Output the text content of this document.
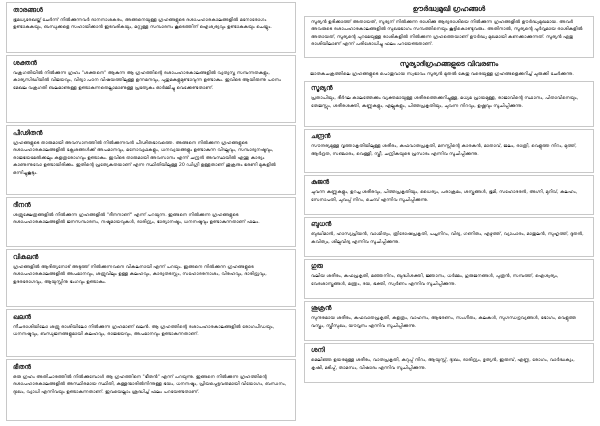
താരങ്ങൾ
ഭൂമധ്യരേഖയ്ക്ക് ചേർന്ന് നിൽക്കുന്നവർ ദാനനാശകരം, അങ്ങനെയുള്ള ഗ്രഹങ്ങളുടെ ദശാപഹാരകാലങ്ങളിൽ മനോരോഗം ഉണ്ടാകുകയും, ബന്ധുക്കളെ സഹായിക്കാൻ ഇടവരികയും, മറ്റുള്ള സമ്പാദനം കൂടെത്തിന് ഐശ്വര്യവും ഉണ്ടാകുകയും ചെയ്യും.
ശക്തൻ
വക്രഗതിയിൽ നിൽക്കുന്ന ഗ്രഹം "ശക്തനെ" ആകുന്ന ആ ഗ്രഹത്തിന്റെ ദശാപഹാരകാലങ്ങളിൽ വ്യത്യസ്ത സമ്പന്നതകളും, കാര്യസിദ്ധിയിൽ വിജയവും, വിദ്യാ പഠന വിഷയത്തിലുള്ള ഉന്നമനവും, പുതുമകളുമുണ്ടാവുന്ന ഉണ്ടാകും. ഇവിടെ ആയിരുന്നു പഠനം മേഖല വക്രഗതി ബലമാണുള്ള ഉണ്ടാകുന്നതെല്ലാമാണുള്ള പ്രത്യേകം ഓർമ്മിച്ചു വെക്കേണ്ടതാണ്.
പീഢിതൻ
ഗ്രഹങ്ങളുടെ താരുമായി അവസാനത്തിൽ നിൽക്കുന്നവൻ പീഢിതഭാവത്തെ. അങ്ങനെ നിൽക്കുന്ന ഗ്രഹങ്ങളുടെ ദശാപഹാരകാലങ്ങളിൽ ക്ലേശങ്ങൾക്ക് അപമാനവും, മനോവ്യഥകളും, ധനവ്യയങ്ങളും ഉണ്ടാകുന്ന വിഘ്നവും, സമ്പാദ്യനഷ്ടവും, രാജഭയമേൽക്കലും കളത്രരോഗവും ഉണ്ടാകും. ഇവിടെ താരുമായി അവസാനം എന്ന് ചന്ദ്രൻ അവസ്ഥയിൽ എന്തു കാര്യം കാണുന്നുവോ ഉണ്ടായിരിക്കും. ഇതിന്റെ പ്രത്യേകതയാണ് എന്ന സ്ഥിതിയിലുള്ള 20 ഡിഗ്രി ഉള്ളതാണ് ശുക്രനും ഭരണി മുകളിൽ ഒന്നിച്ചുകൂടും.
ദീനൻ
ശത്രുക്ഷേത്രങ്ങളിൽ നിൽക്കുന്ന ഗ്രഹങ്ങളിൽ "ദീനനാണ്" എന്ന് പറയുന്ന. ഇങ്ങനെ നിൽക്കുന്ന ഗ്രഹങ്ങളുടെ ദശാപഹാരകാലങ്ങളിൽ ജനസമ്പാദനം, നഷ്ടമായവുകൾ, ദാരിദ്ര്യം, ഭാര്യാനഷ്ടം, ധനനഷ്ടവും ഉണ്ടാകുന്നതാണ് ഫലം.
വികലൻ
ഗ്രഹങ്ങളിൽ ആദിത്യനോട് അടുത്ത് നിൽക്കുന്നവനെ വികലനായി എന്ന് പറയും. ഇങ്ങനെ നിൽക്കുന്ന ഗ്രഹങ്ങളുടെ ദശാപഹാരകാലങ്ങളിൽ അപമാനവും, ശത്രുവിലും ഉള്ള കലഹവും, കാര്യതടസ്സം, സഹോദരനാശം, വിരഹവും, ദാരിദ്ര്യവും, ഉദരരോഗവും, ആയുസ്സിനു ഭംഗവും ഉണ്ടാകും.
ഖലൻ
നീചരാശിയിലോ ശത്രു രാശിയിലോ നിൽക്കുന്ന ഗ്രഹമാണ് ഖലൻ. ആ ഗ്രഹത്തിന്റെ ദശാപഹാരകാലങ്ങളിൽ രോഗപീഡയും, ധനനഷ്ടവും, ബന്ധുജനങ്ങളുമായി കലഹവും, രാജഭയവും, അപമാനവും ഉണ്ടാകുന്നതാണ്.
ഭീതൻ
ഒരു ഗ്രഹം അതിചാരത്തിൽ നിൽക്കുമ്പോൾ ആ ഗ്രഹത്തിനെ "ഭീതൻ" എന്ന് പറയുന്നു. ഇങ്ങനെ നിൽക്കുന്ന ഗ്രഹത്തിന്റെ ദശാപഹാരകാലങ്ങളിൽ അസ്ഥിരമായ സ്ഥിതി, കള്ളന്മാരിൽനിന്നുള്ള ഭയം, ധനനഷ്ടം, പ്രിയപ്പെട്ടവരുമായി വിയോഗം, ബന്ധനം, ദുഃഖം, വ്യാധി എന്നിവയും ഉണ്ടാകുന്നതാണ്. ഇവയെല്ലാം ശ്രദ്ധിച്ച് ഫലം പറയേണ്ടതാണ്.
ഊർദ്ധ്വമുഖി ഗ്രഹങ്ങൾ
സൂര്യൻ ഉദിക്കാത്ത് അതായത്, സൂര്യന് നിൽക്കുന്ന രാശിക്കു ആദ്യരാശിയെ നിൽക്കുന്ന ഗ്രഹങ്ങളിൽ ഊർദ്ധ്വമുഖമായ. അവർ അവരുടെ ദശാപഹാരകാലങ്ങളിൽ സുഖഭോഗം സമ്പത്തിനെയും കൂട്ടികൊണ്ടുവരും. അതിനാൽ, സൂര്യന്റെ പൂർവ്വമായ രാശികളിൽ അതായത്, സൂര്യന്റെ പുറമേയുള്ള രാശികളിൽ നിൽക്കുന്ന ഗ്രഹത്തെയാണ് ഊർദ്ധ്വ മുഖമായി കണക്കാക്കുന്നത്. സൂര്യൻ ഏതു രാശിയിലാണ് എന്ന് പരിശോധിച്ചു ഫലം പറയേണ്ടതാണ്.
സൂര്യാദിഗ്രഹങ്ങളുടെ വിവരണം
ജാതകചക്രത്തിലെ ഗ്രഹങ്ങളുടെ പൊതുവായ സ്വഭാവം സൂര്യൻ മുതൽ കേതു വരെയുള്ള ഗ്രഹങ്ങളെക്കുറിച്ച് ചുരുക്കി ചേർക്കുന്നു.
സൂര്യൻ
പ്രതാപിയും, ദീർഘ കാലത്തേക്കും വ്യക്തമായുള്ള ശരീരത്തെക്കുറിച്ചുള്ള, മധ്യമ പ്രായമുള്ള, രാജാവിന്റെ സ്ഥാനം, പിതാവിനെയും, തേജസ്സും, ശരീരശക്തി, കണ്ണുകളും, എല്ലുകളും, പിത്തപ്രകൃതിയും, ചുവന്ന നിറവും, ഉഷ്ണവും സൂചിപ്പിക്കുന്നു.
ചന്ദ്രൻ
സൗന്ദര്യമുള്ള വൃത്താകൃതിയിലുള്ള ശരീരം, കഫവാതപ്രകൃതി, മനസ്സിന്റെ കാരകൻ, മാതാവ്, ജലം, രാത്രി, വെളുത്ത നിറം, മുത്ത്, ആർദ്രത, സഞ്ചാരം, വെള്ളി, സ്ത്രീ, ചന്ദ്രികയുടെ പ്രസാദം എന്നിവ സൂചിപ്പിക്കുന്നു.
കുജൻ
ചുവന്ന കണ്ണുകളും, ഉറച്ച ശരീരവും, പിത്തപ്രകൃതിയും, ധൈര്യം, പരാക്രമം, ശസ്ത്രങ്ങൾ, ഭൂമി, സഹോദരൻ, അഗ്നി, മുറിവ്, കലഹം, സേനാപതി, ചുവപ്പ് നിറം, ചെമ്പ് എന്നിവ സൂചിപ്പിക്കുന്നു.
ബുധൻ
ബുദ്ധിമാൻ, ഹാസ്യപ്രിയൻ, വാഗ്മിത്വം, ത്രിദോഷപ്രകൃതി, പച്ചനിറം, വിദ്യ, ഗണിതം, എഴുത്ത്, വ്യാപാരം, മാതുലൻ, സുഹൃത്ത്, ദൂതൻ, കവിത്വം, ശില്പവിദ്യ എന്നിവ സൂചിപ്പിക്കുന്നു.
ഗുരു
വലിയ ശരീരം, കഫപ്രകൃതി, മഞ്ഞനിറം, ബുദ്ധിശക്തി, ജ്ഞാനം, ധർമ്മം, ഗുരുജനങ്ങൾ, പുത്രൻ, സമ്പത്ത്, ഐശ്വര്യം, വേദശാസ്ത്രങ്ങൾ, മന്ത്രം, ദയ, ഭക്തി, സ്വർണം എന്നിവ സൂചിപ്പിക്കുന്നു.
ശുക്രൻ
സുന്ദരമായ ശരീരം, കഫവാതപ്രകൃതി, കളത്രം, വാഹനം, ആഭരണം, സംഗീതം, കലകൾ, സുഗന്ധദ്രവ്യങ്ങൾ, ഭോഗം, വെളുത്ത വസ്ത്രം, സ്ത്രീസുഖം, യൗവ്വനം എന്നിവ സൂചിപ്പിക്കുന്നു.
ശനി
മെലിഞ്ഞ ഉയരമുള്ള ശരീരം, വാതപ്രകൃതി, കറുപ്പ് നിറം, ആയുസ്സ്, ദുഃഖം, ദാരിദ്ര്യം, ഭൃത്യൻ, ഇരുമ്പ്, എണ്ണ, രോഗം, വാർദ്ധക്യം, കൃഷി, മടിപ്പ്, താമസം, വിഷാദം എന്നിവ സൂചിപ്പിക്കുന്നു.
